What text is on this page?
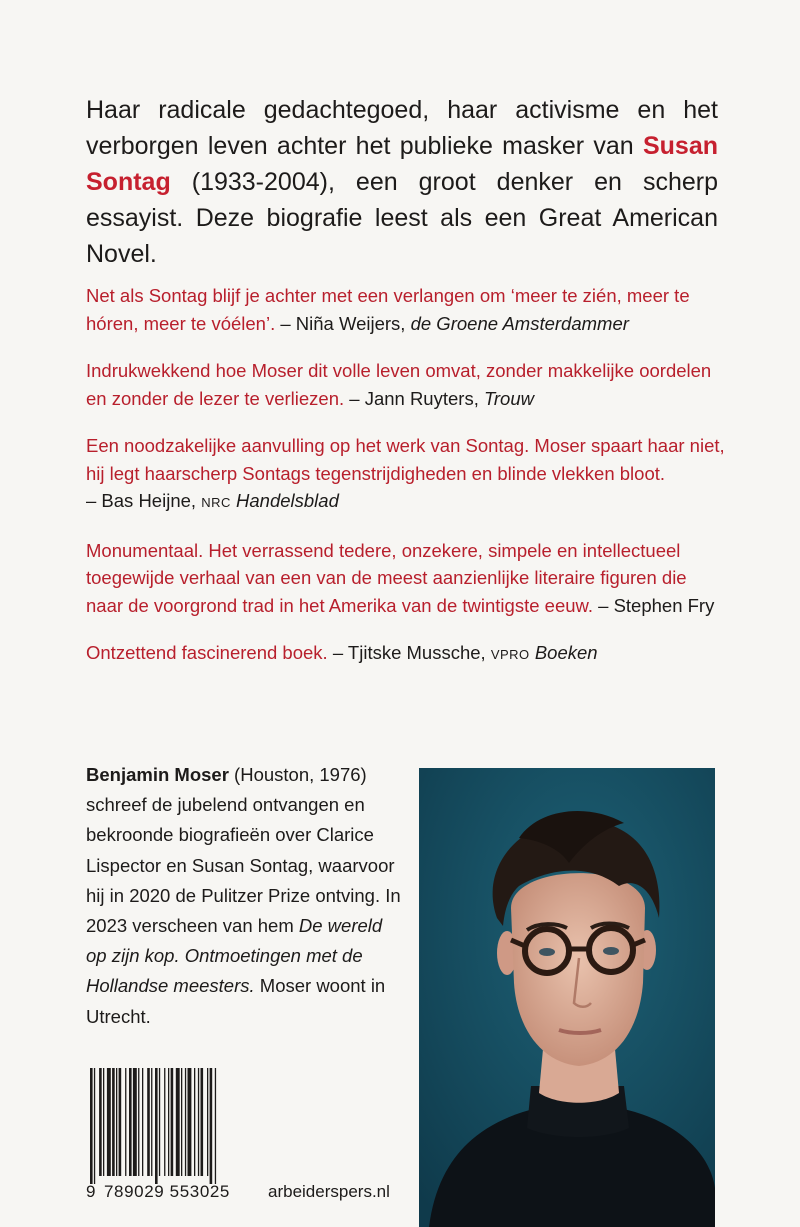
Haar radicale gedachtegoed, haar activisme en het verborgen leven achter het publieke masker van Susan Sontag (1933-2004), een groot denker en scherp essayist. Deze biografie leest als een Great American Novel.

Net als Sontag blijf je achter met een verlangen om ‘meer te zién, meer te hóren, meer te vóélen’. – Niña Weijers, de Groene Amsterdammer

Indrukwekkend hoe Moser dit volle leven omvat, zonder makkelijke oordelen en zonder de lezer te verliezen. – Jann Ruyters, Trouw

Een noodzakelijke aanvulling op het werk van Sontag. Moser spaart haar niet, hij legt haarscherp Sontags tegenstrijdigheden en blinde vlekken bloot.
– Bas Heijne, NRC Handelsblad

Monumentaal. Het verrassend tedere, onzekere, simpele en intellectueel toegewijde verhaal van een van de meest aanzienlijke literaire figuren die naar de voorgrond trad in het Amerika van de twintigste eeuw. – Stephen Fry

Ontzettend fascinerend boek. – Tjitske Mussche, VPRO Boeken

Benjamin Moser (Houston, 1976) schreef de jubelend ontvangen en bekroonde biografieën over Clarice Lispector en Susan Sontag, waarvoor hij in 2020 de Pulitzer Prize ontving. In 2023 verscheen van hem De wereld op zijn kop. Ontmoetingen met de Hollandse meesters. Moser woont in Utrecht.

9 789029 553025 arbeiderspers.nl
